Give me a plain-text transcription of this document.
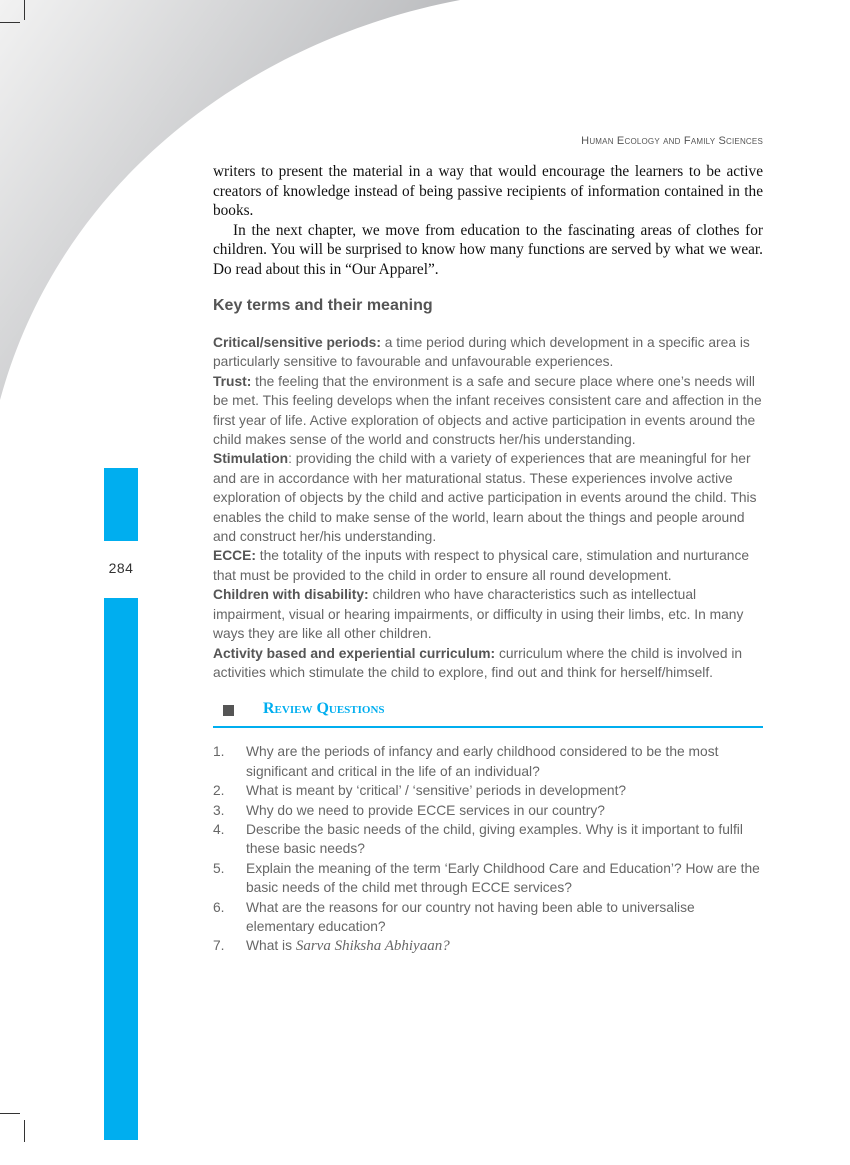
Human Ecology and Family Sciences
284

writers to present the material in a way that would encourage the learners to be active creators of knowledge instead of being passive recipients of information contained in the books.

In the next chapter, we move from education to the fascinating areas of clothes for children. You will be surprised to know how many functions are served by what we wear. Do read about this in “Our Apparel”.

Key terms and their meaning

Critical/sensitive periods: a time period during which development in a specific area is particularly sensitive to favourable and unfavourable experiences.

Trust: the feeling that the environment is a safe and secure place where one’s needs will be met. This feeling develops when the infant receives consistent care and affection in the first year of life. Active exploration of objects and active participation in events around the child makes sense of the world and constructs her/his understanding.

Stimulation: providing the child with a variety of experiences that are meaningful for her and are in accordance with her maturational status. These experiences involve active exploration of objects by the child and active participation in events around the child. This enables the child to make sense of the world, learn about the things and people around and construct her/his understanding.

ECCE: the totality of the inputs with respect to physical care, stimulation and nurturance that must be provided to the child in order to ensure all round development.

Children with disability: children who have characteristics such as intellectual impairment, visual or hearing impairments, or difficulty in using their limbs, etc. In many ways they are like all other children.

Activity based and experiential curriculum: curriculum where the child is involved in activities which stimulate the child to explore, find out and think for herself/himself.

Review Questions
1.	Why are the periods of infancy and early childhood considered to be the most significant and critical in the life of an individual?
2.	What is meant by ‘critical’ / ‘sensitive’ periods in development?
3.	Why do we need to provide ECCE services in our country?
4.	Describe the basic needs of the child, giving examples. Why is it important to fulfil these basic needs?
5.	Explain the meaning of the term ‘Early Childhood Care and Education’? How are the basic needs of the child met through ECCE services?
6.	What are the reasons for our country not having been able to universalise elementary education?
7.	What is Sarva Shiksha Abhiyaan?
